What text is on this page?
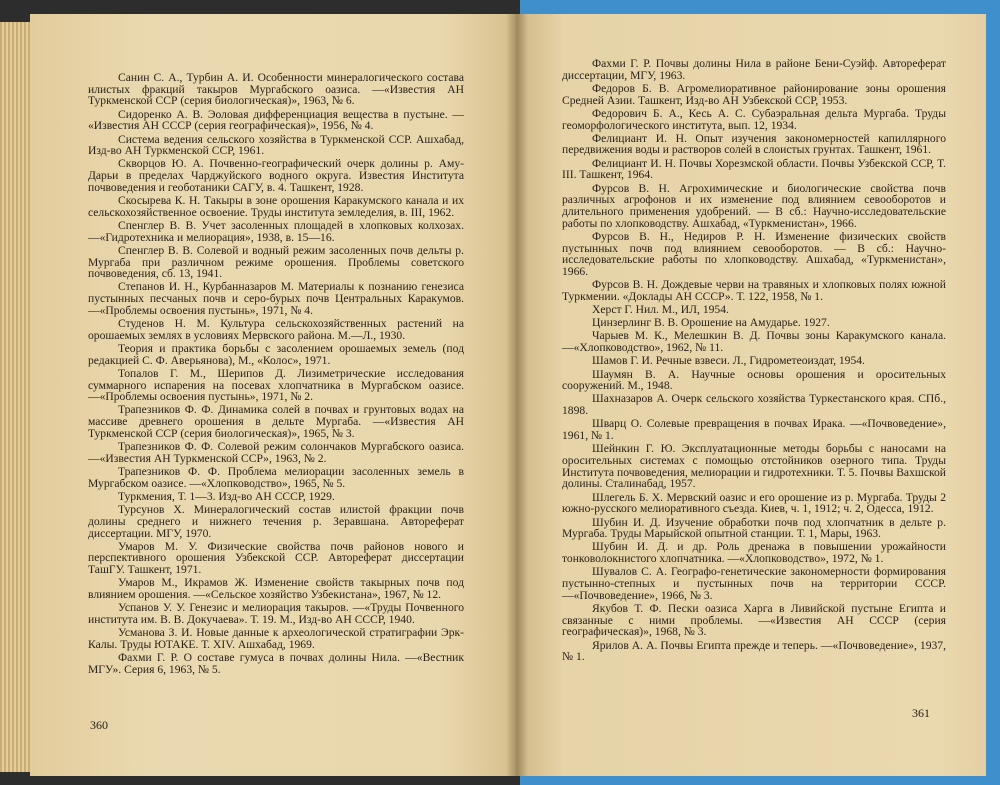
Санин С. А., Турбин А. И. Особенности минералогического состава илистых фракций такыров Мургабского оазиса. —«Известия АН Туркменской ССР (серия биологическая)», 1963, № 6.

Сидоренко А. В. Эоловая дифференциация вещества в пустыне. — «Известия АН СССР (серия географическая)», 1956, № 4.

Система ведения сельского хозяйства в Туркменской ССР. Ашхабад, Изд-во АН Туркменской ССР, 1961.

Скворцов Ю. А. Почвенно-географический очерк долины р. Аму-Дарьи в пределах Чарджуйского водного округа. Известия Института почвоведения и геоботаники САГУ, в. 4. Ташкент, 1928.

Скосырева К. Н. Такыры в зоне орошения Каракумского канала и их сельскохозяйственное освоение. Труды института земледелия, в. III, 1962.

Спенглер В. В. Учет засоленных площадей в хлопковых колхозах. —«Гидротехника и мелиорация», 1938, в. 15—16.

Спенглер В. В. Солевой и водный режим засоленных почв дельты р. Мургаба при различном режиме орошения. Проблемы советского почвоведения, сб. 13, 1941.

Степанов И. Н., Курбанназаров М. Материалы к познанию генезиса пустынных песчаных почв и серо-бурых почв Центральных Каракумов. —«Проблемы освоения пустынь», 1971, № 4.

Студенов Н. М. Культура сельскохозяйственных растений на орошаемых землях в условиях Мервского района. М.—Л., 1930.

Теория и практика борьбы с засолением орошаемых земель (под редакцией С. Ф. Аверьянова), М., «Колос», 1971.

Топалов Г. М., Шерипов Д. Лизиметрические исследования суммарного испарения на посевах хлопчатника в Мургабском оазисе. —«Проблемы освоения пустынь», 1971, № 2.

Трапезников Ф. Ф. Динамика солей в почвах и грунтовых водах на массиве древнего орошения в дельте Мургаба. —«Известия АН Туркменской ССР (серия биологическая)», 1965, № 3.

Трапезников Ф. Ф. Солевой режим солончаков Мургабского оазиса. —«Известия АН Туркменской ССР», 1963, № 2.

Трапезников Ф. Ф. Проблема мелиорации засоленных земель в Мургабском оазисе. —«Хлопководство», 1965, № 5.

Туркмения, Т. 1—3. Изд-во АН СССР, 1929.

Турсунов Х. Минералогический состав илистой фракции почв долины среднего и нижнего течения р. Зеравшана. Автореферат диссертации. МГУ, 1970.

Умаров М. У. Физические свойства почв районов нового и перспективного орошения Узбекской ССР. Автореферат диссертации ТашГУ. Ташкент, 1971.

Умаров М., Икрамов Ж. Изменение свойств такырных почв под влиянием орошения. —«Сельское хозяйство Узбекистана», 1967, № 12.

Успанов У. У. Генезис и мелиорация такыров. —«Труды Почвенного института им. В. В. Докучаева». Т. 19. М., Изд-во АН СССР, 1940.

Усманова З. И. Новые данные к археологической стратиграфии Эрк-Калы. Труды ЮТАКЕ. Т. XIV. Ашхабад, 1969.

Фахми Г. Р. О составе гумуса в почвах долины Нила. —«Вестник МГУ». Серия 6, 1963, № 5.

Фахми Г. Р. Почвы долины Нила в районе Бени-Суэйф. Автореферат диссертации, МГУ, 1963.

Федоров Б. В. Агромелиоративное районирование зоны орошения Средней Азии. Ташкент, Изд-во АН Узбекской ССР, 1953.

Федорович Б. А., Кесь А. С. Субаэральная дельта Мургаба. Труды геоморфологического института, вып. 12, 1934.

Фелициант И. Н. Опыт изучения закономерностей капиллярного передвижения воды и растворов солей в слоистых грунтах. Ташкент, 1961.

Фелициант И. Н. Почвы Хорезмской области. Почвы Узбекской ССР, Т. III. Ташкент, 1964.

Фурсов В. Н. Агрохимические и биологические свойства почв различных агрофонов и их изменение под влиянием севооборотов и длительного применения удобрений. — В сб.: Научно-исследовательские работы по хлопководству. Ашхабад, «Туркменистан», 1966.

Фурсов В. Н., Недиров Р. Н. Изменение физических свойств пустынных почв под влиянием севооборотов. — В сб.: Научно-исследовательские работы по хлопководству. Ашхабад, «Туркменистан», 1966.

Фурсов В. Н. Дождевые черви на травяных и хлопковых полях южной Туркмении. «Доклады АН СССР». Т. 122, 1958, № 1.

Херст Г. Нил. М., ИЛ, 1954.

Цинзерлинг В. В. Орошение на Амударье. 1927.

Чарыев М. К., Мелешкин В. Д. Почвы зоны Каракумского канала. —«Хлопководство», 1962, № 11.

Шамов Г. И. Речные взвеси. Л., Гидрометеоиздат, 1954.

Шаумян В. А. Научные основы орошения и оросительных сооружений. М., 1948.

Шахназаров А. Очерк сельского хозяйства Туркестанского края. СПб., 1898.

Шварц О. Солевые превращения в почвах Ирака. —«Почвоведение», 1961, № 1.

Шейнкин Г. Ю. Эксплуатационные методы борьбы с наносами на оросительных системах с помощью отстойников озерного типа. Труды Института почвоведения, мелиорации и гидротехники. Т. 5. Почвы Вахшской долины. Сталинабад, 1957.

Шлегель Б. Х. Мервский оазис и его орошение из р. Мургаба. Труды 2 южно-русского мелиоративного съезда. Киев, ч. 1, 1912; ч. 2, Одесса, 1912.

Шубин И. Д. Изучение обработки почв под хлопчатник в дельте р. Мургаба. Труды Марыйской опытной станции. Т. 1, Мары, 1963.

Шубин И. Д. и др. Роль дренажа в повышении урожайности тонковолокнистого хлопчатника. —«Хлопководство», 1972, № 1.

Шувалов С. А. Географо-генетические закономерности формирования пустынно-степных и пустынных почв на территории СССР. —«Почвоведение», 1966, № 3.

Якубов Т. Ф. Пески оазиса Харга в Ливийской пустыне Египта и связанные с ними проблемы. —«Известия АН СССР (серия географическая)», 1968, № 3.

Ярилов А. А. Почвы Египта прежде и теперь. —«Почвоведение», 1937, № 1.

360
361
